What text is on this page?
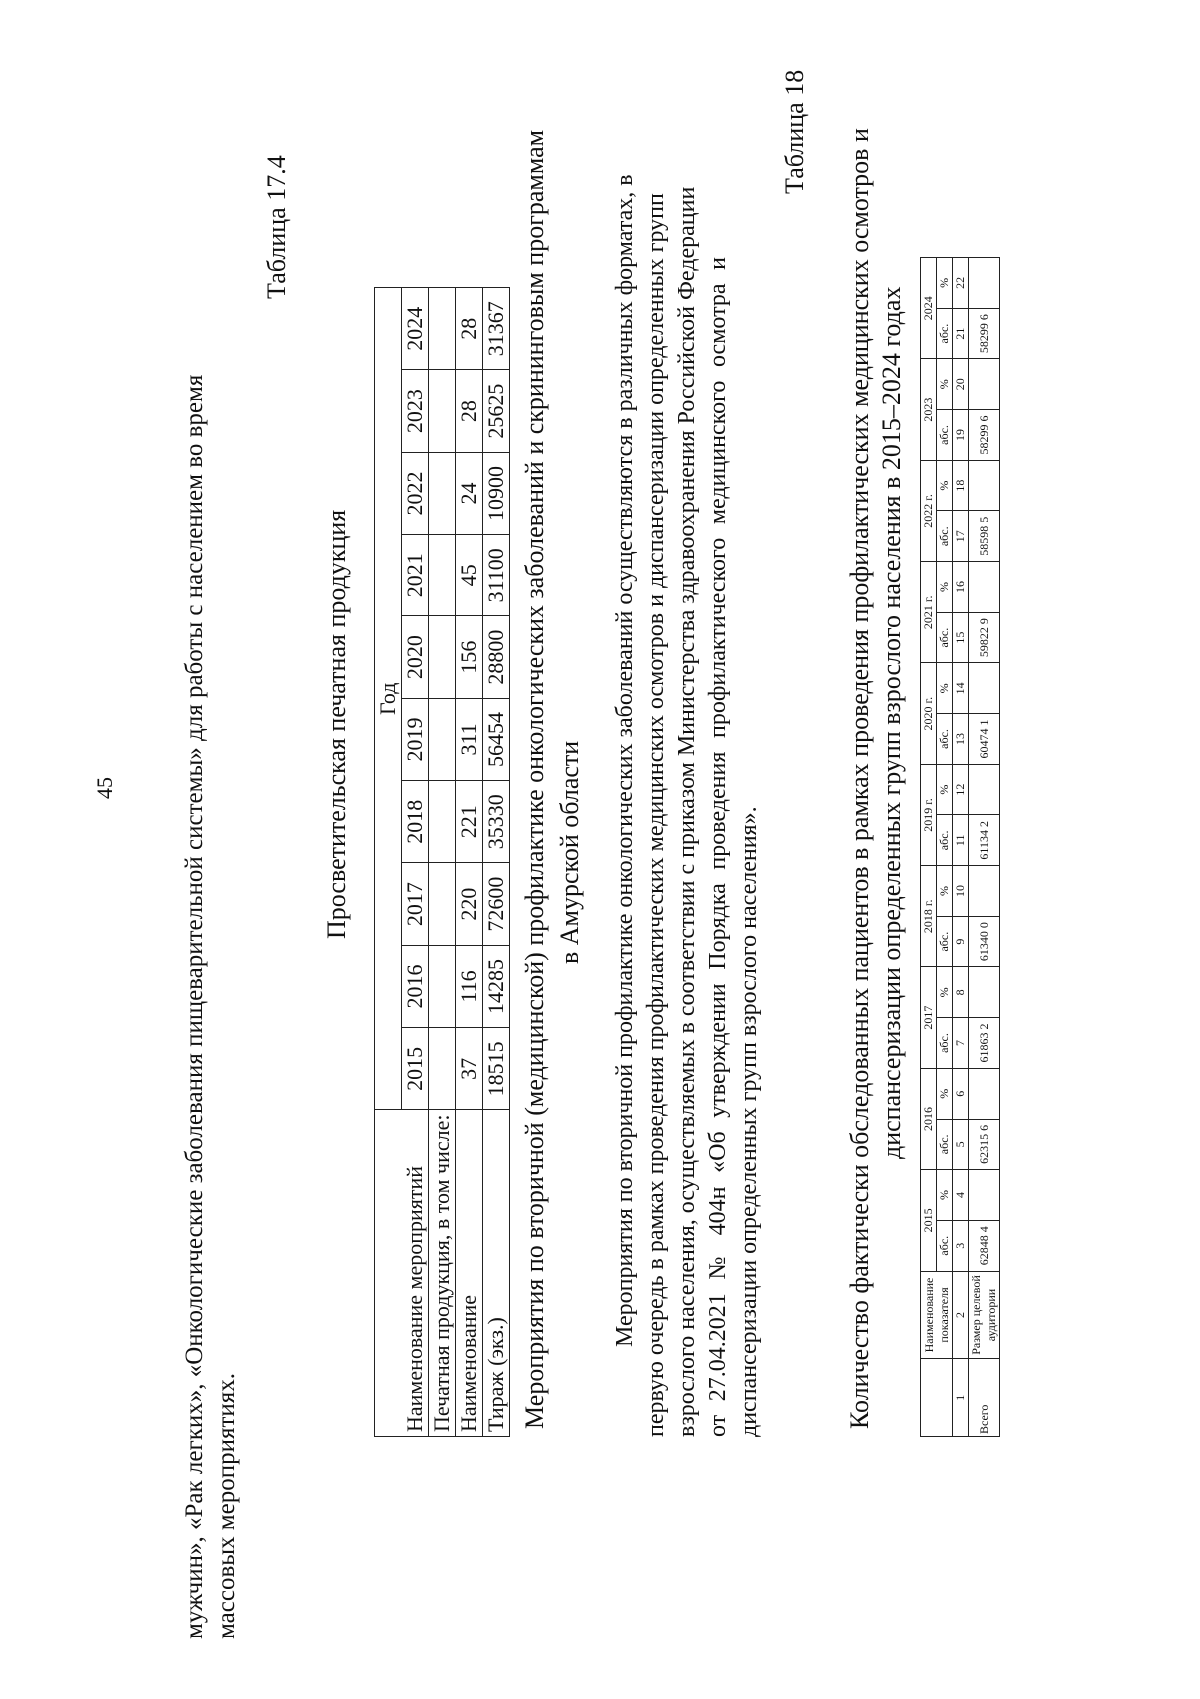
мужчин», «Рак легких», «Онкологические заболевания пищеварительной системы» для работы с населением во время массовых мероприятиях.
45
Таблица 17.4
Просветительская печатная продукция
Наименование мероприятий	Год									
	2015	2016	2017	2018	2019	2020	2021	2022	2023	2024
Печатная продукция, в том числе:										
Наименование	37	116	220	221	311	156	45	24	28	28
Тираж (экз.)	18515	14285	72600	35330	56454	28800	31100	10900	25625	31367 Мероприятия по вторичной (медицинской) профилактике онкологических заболеваний и скрининговым программам в Амурской области Мероприятия по вторичной профилактике онкологических заболеваний осуществляются в различных форматах, в первую очередь в рамках проведения профилактических медицинских осмотров и диспансеризации определенных групп взрослого населения, осуществляемых в соответствии с приказом Министерства здравоохранения Российской Федерации от 27.04.2021 № 404н «Об утверждении Порядка проведения профилактического медицинского осмотра и диспансеризации определенных групп взрослого населения».
Таблица 18 Количество фактически обследованных пациентов в рамках проведения профилактических медицинских осмотров и диспансеризации определенных групп взрослого населения в 2015–2024 годах
	Наименование показателя	2015		2016		2017		2018 г.		2019 г.		2020 г.		2021 г.		2022 г.		2023		2024	
		абс.	%	абс.	%	абс.	%	абс.	%	абс.	%	абс.	%	абс.	%	абс.	%	абс.	%	абс.	%
1	2	3	4	5	6	7	8	9	10	11	12	13	14	15	16	17	18	19	20	21	22
Всего	Размер целевой аудитории	62848 4		62315 6		61863 2		61340 0		61134 2		60474 1		59822 9		58598 5		58299 6		58299 6	
